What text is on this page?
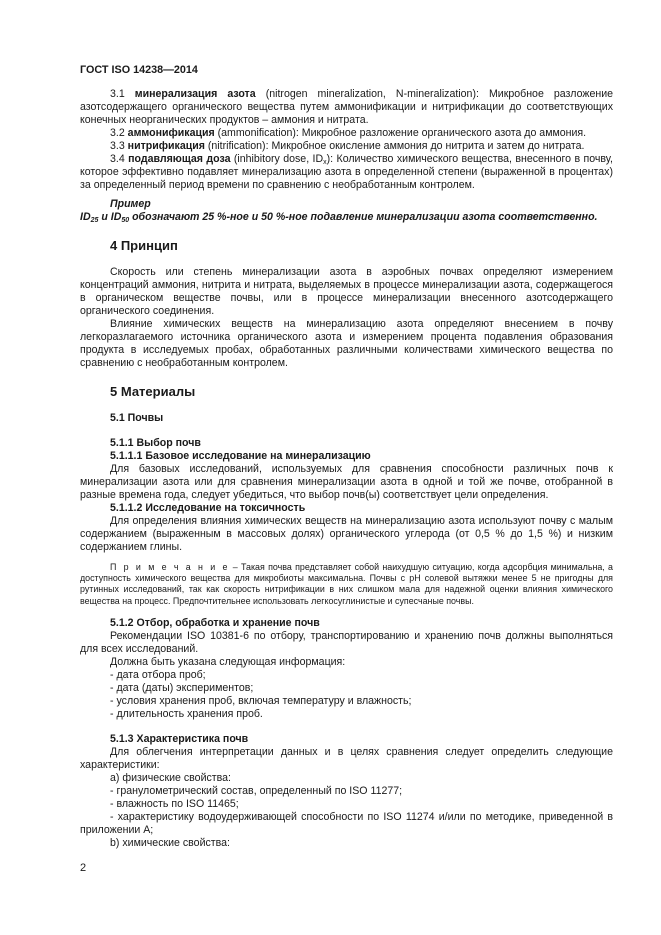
ГОСТ ISO 14238—2014

3.1 минерализация азота (nitrogen mineralization, N-mineralization): Микробное разложение азотсодержащего органического вещества путем аммонификации и нитрификации до соответствующих конечных неорганических продуктов – аммония и нитрата.

3.2 аммонификация (ammonification): Микробное разложение органического азота до аммония.

3.3 нитрификация (nitrification): Микробное окисление аммония до нитрита и затем до нитрата.

3.4 подавляющая доза (inhibitory dose, $ID_x$): Количество химического вещества, внесенного в почву, которое эффективно подавляет минерализацию азота в определенной степени (выраженной в процентах) за определенный период времени по сравнению с необработанным контролем.

Пример

$ID_{25}$ и $ID_{50}$ обозначают 25 %-ное и 50 %-ное подавление минерализации азота соответственно.

4 Принцип

Скорость или степень минерализации азота в аэробных почвах определяют измерением концентраций аммония, нитрита и нитрата, выделяемых в процессе минерализации азота, содержащегося в органическом веществе почвы, или в процессе минерализации внесенного азотсодержащего органического соединения.

Влияние химических веществ на минерализацию азота определяют внесением в почву легкоразлагаемого источника органического азота и измерением процента подавления образования продукта в исследуемых пробах, обработанных различными количествами химического вещества по сравнению с необработанным контролем.

5 Материалы
5.1 Почвы
5.1.1 Выбор почв
5.1.1.1 Базовое исследование на минерализацию

Для базовых исследований, используемых для сравнения способности различных почв к минерализации азота или для сравнения минерализации азота в одной и той же почве, отобранной в разные времена года, следует убедиться, что выбор почв(ы) соответствует цели определения.

5.1.1.2 Исследование на токсичность

Для определения влияния химических веществ на минерализацию азота используют почву с малым содержанием (выраженным в массовых долях) органического углерода (от 0,5 % до 1,5 %) и низким содержанием глины.

П р и м е ч а н и е – Такая почва представляет собой наихудшую ситуацию, когда адсорбция минимальна, а доступность химического вещества для микробиоты максимальна. Почвы с pH солевой вытяжки менее 5 не пригодны для рутинных исследований, так как скорость нитрификации в них слишком мала для надежной оценки влияния химического вещества на процесс. Предпочтительнее использовать легкосуглинистые и супесчаные почвы.

5.1.2 Отбор, обработка и хранение почв

Рекомендации ISO 10381-6 по отбору, транспортированию и хранению почв должны выполняться для всех исследований.

Должна быть указана следующая информация:

- дата отбора проб;

- дата (даты) экспериментов;

- условия хранения проб, включая температуру и влажность;

- длительность хранения проб.

5.1.3 Характеристика почв

Для облегчения интерпретации данных и в целях сравнения следует определить следующие характеристики:

a) физические свойства:

- гранулометрический состав, определенный по ISO 11277;

- влажность по ISO 11465;

- характеристику водоудерживающей способности по ISO 11274 и/или по методике, приведенной в приложении А;

b) химические свойства:

2
